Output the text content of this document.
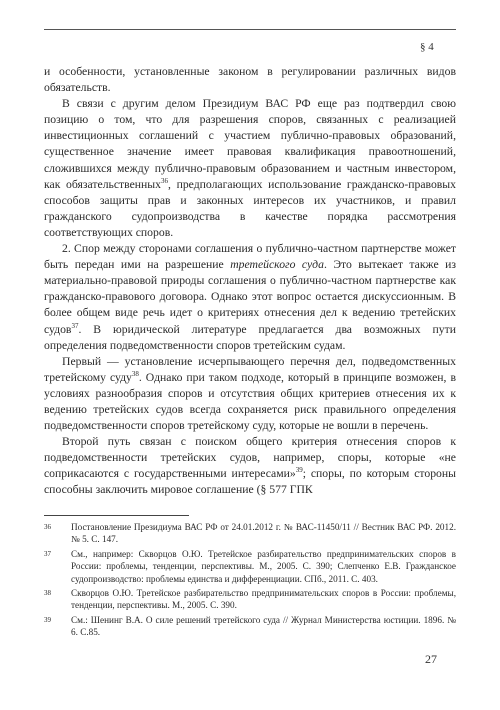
§ 4

и особенности, установленные законом в регулировании различных видов обязательств.

В связи с другим делом Президиум ВАС РФ еще раз подтвердил свою позицию о том, что для разрешения споров, связанных с реализацией инвестиционных соглашений с участием публично-правовых образований, существенное значение имеет правовая квалификация правоотношений, сложившихся между публично-правовым образованием и частным инвестором, как обязательственных$^{36}$, предполагающих использование гражданско-правовых способов защиты прав и законных интересов их участников, и правил гражданского судопроизводства в качестве порядка рассмотрения соответствующих споров.

2. Спор между сторонами соглашения о публично-частном партнерстве может быть передан ими на разрешение третейского суда. Это вытекает также из материально-правовой природы соглашения о публично-частном партнерстве как гражданско-правового договора. Однако этот вопрос остается дискуссионным. В более общем виде речь идет о критериях отнесения дел к ведению третейских судов$^{37}$. В юридической литературе предлагается два возможных пути определения подведомственности споров третейским судам.

Первый — установление исчерпывающего перечня дел, подведомственных третейскому суду$^{38}$. Однако при таком подходе, который в принципе возможен, в условиях разнообразия споров и отсутствия общих критериев отнесения их к ведению третейских судов всегда сохраняется риск правильного определения подведомственности споров третейскому суду, которые не вошли в перечень.

Второй путь связан с поиском общего критерия отнесения споров к подведомственности третейских судов, например, споры, которые «не соприкасаются с государственными интересами»$^{39}$; споры, по которым стороны способны заключить мировое соглашение (§ 577 ГПК

36 Постановление Президиума ВАС РФ от 24.01.2012 г. № ВАС-11450/11 // Вестник ВАС РФ. 2012. № 5. С. 147.
37 См., например: Скворцов О.Ю. Третейское разбирательство предпринимательских споров в России: проблемы, тенденции, перспективы. М., 2005. С. 390; Слепченко Е.В. Гражданское судопроизводство: проблемы единства и дифференциации. СПб., 2011. С. 403.
38 Скворцов О.Ю. Третейское разбирательство предпринимательских споров в России: проблемы, тенденции, перспективы. М., 2005. С. 390.
39 См.: Шенинг В.А. О силе решений третейского суда // Журнал Министерства юстиции. 1896. № 6. С.85.
27
